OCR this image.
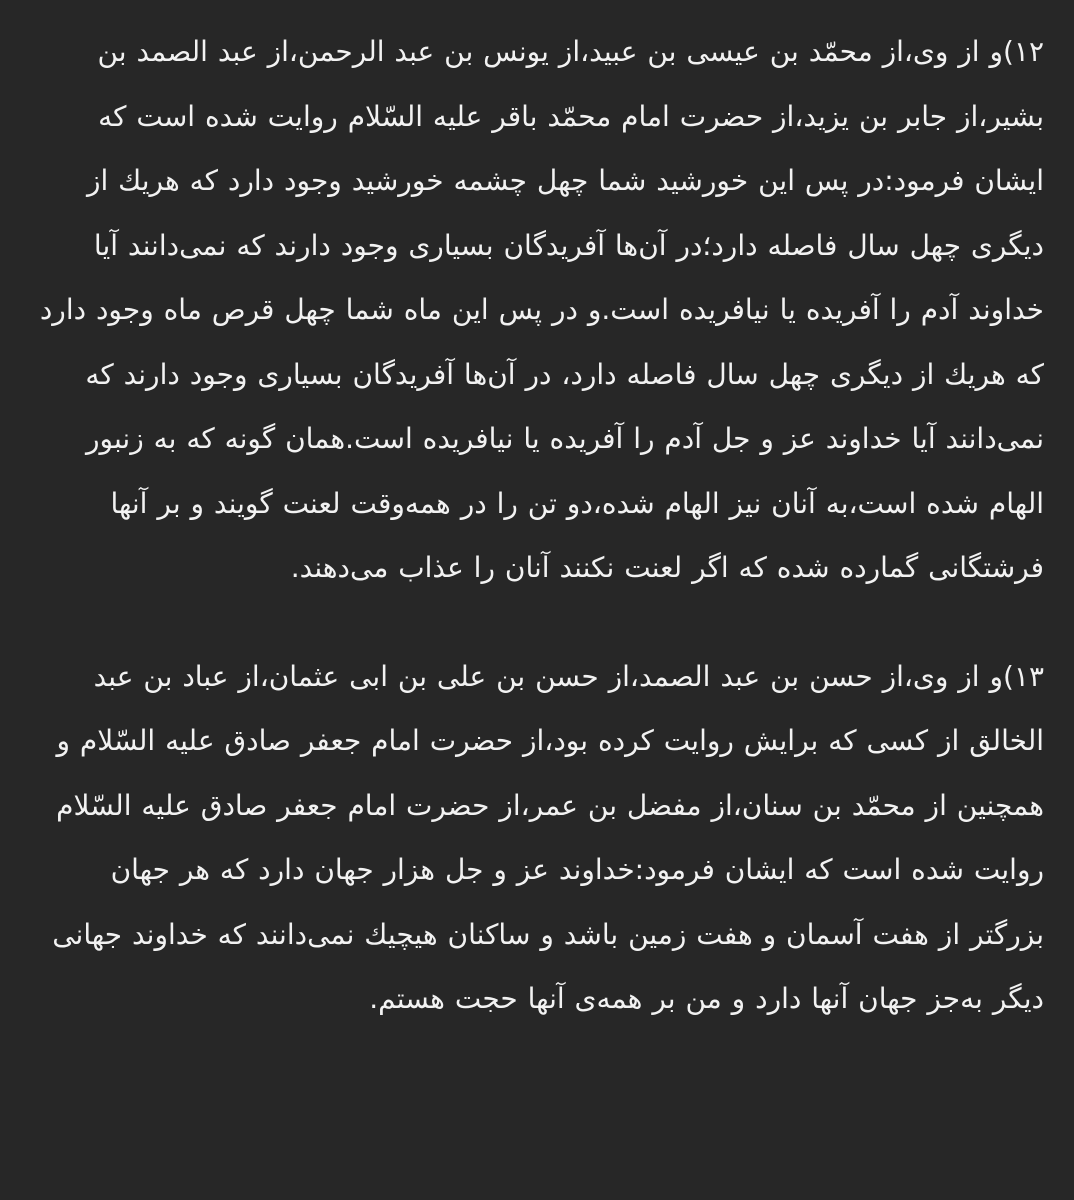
۱۲)و از وی،از محمّد بن عیسی بن عبید،از یونس بن عبد الرحمن،از عبد الصمد بن بشیر،از جابر بن یزید،از حضرت امام محمّد باقر علیه السّلام روایت شده است که ایشان فرمود:در پس این خورشید شما چهل چشمه خورشید وجود دارد که هریك از دیگری چهل سال فاصله دارد؛در آن‌ها آفریدگان بسیاری وجود دارند که نمی‌دانند آیا خداوند آدم را آفریده یا نیافریده است.و در پس این ماه شما چهل قرص ماه وجود دارد که هریك از دیگری چهل سال فاصله دارد، در آن‌ها آفریدگان بسیاری وجود دارند که نمی‌دانند آیا خداوند عز و جل آدم را آفریده یا نیافریده است.همان گونه که به زنبور الهام شده است،به آنان نیز الهام شده،دو تن را در همه‌وقت لعنت گویند و بر آنها فرشتگانی گمارده شده که اگر لعنت نکنند آنان را عذاب می‌دهند.

۱۳)و از وی،از حسن بن عبد الصمد،از حسن بن علی بن ابی عثمان،از عباد بن عبد الخالق از کسی که برایش روایت کرده بود،از حضرت امام جعفر صادق علیه السّلام و همچنین از محمّد بن سنان،از مفضل بن عمر،از حضرت امام جعفر صادق علیه السّلام روایت شده است که ایشان فرمود:خداوند عز و جل هزار جهان دارد که هر جهان بزرگتر از هفت آسمان و هفت زمین باشد و ساکنان هیچیك نمی‌دانند که خداوند جهانی دیگر به‌جز جهان آنها دارد و من بر همه‌ی آنها حجت هستم.
